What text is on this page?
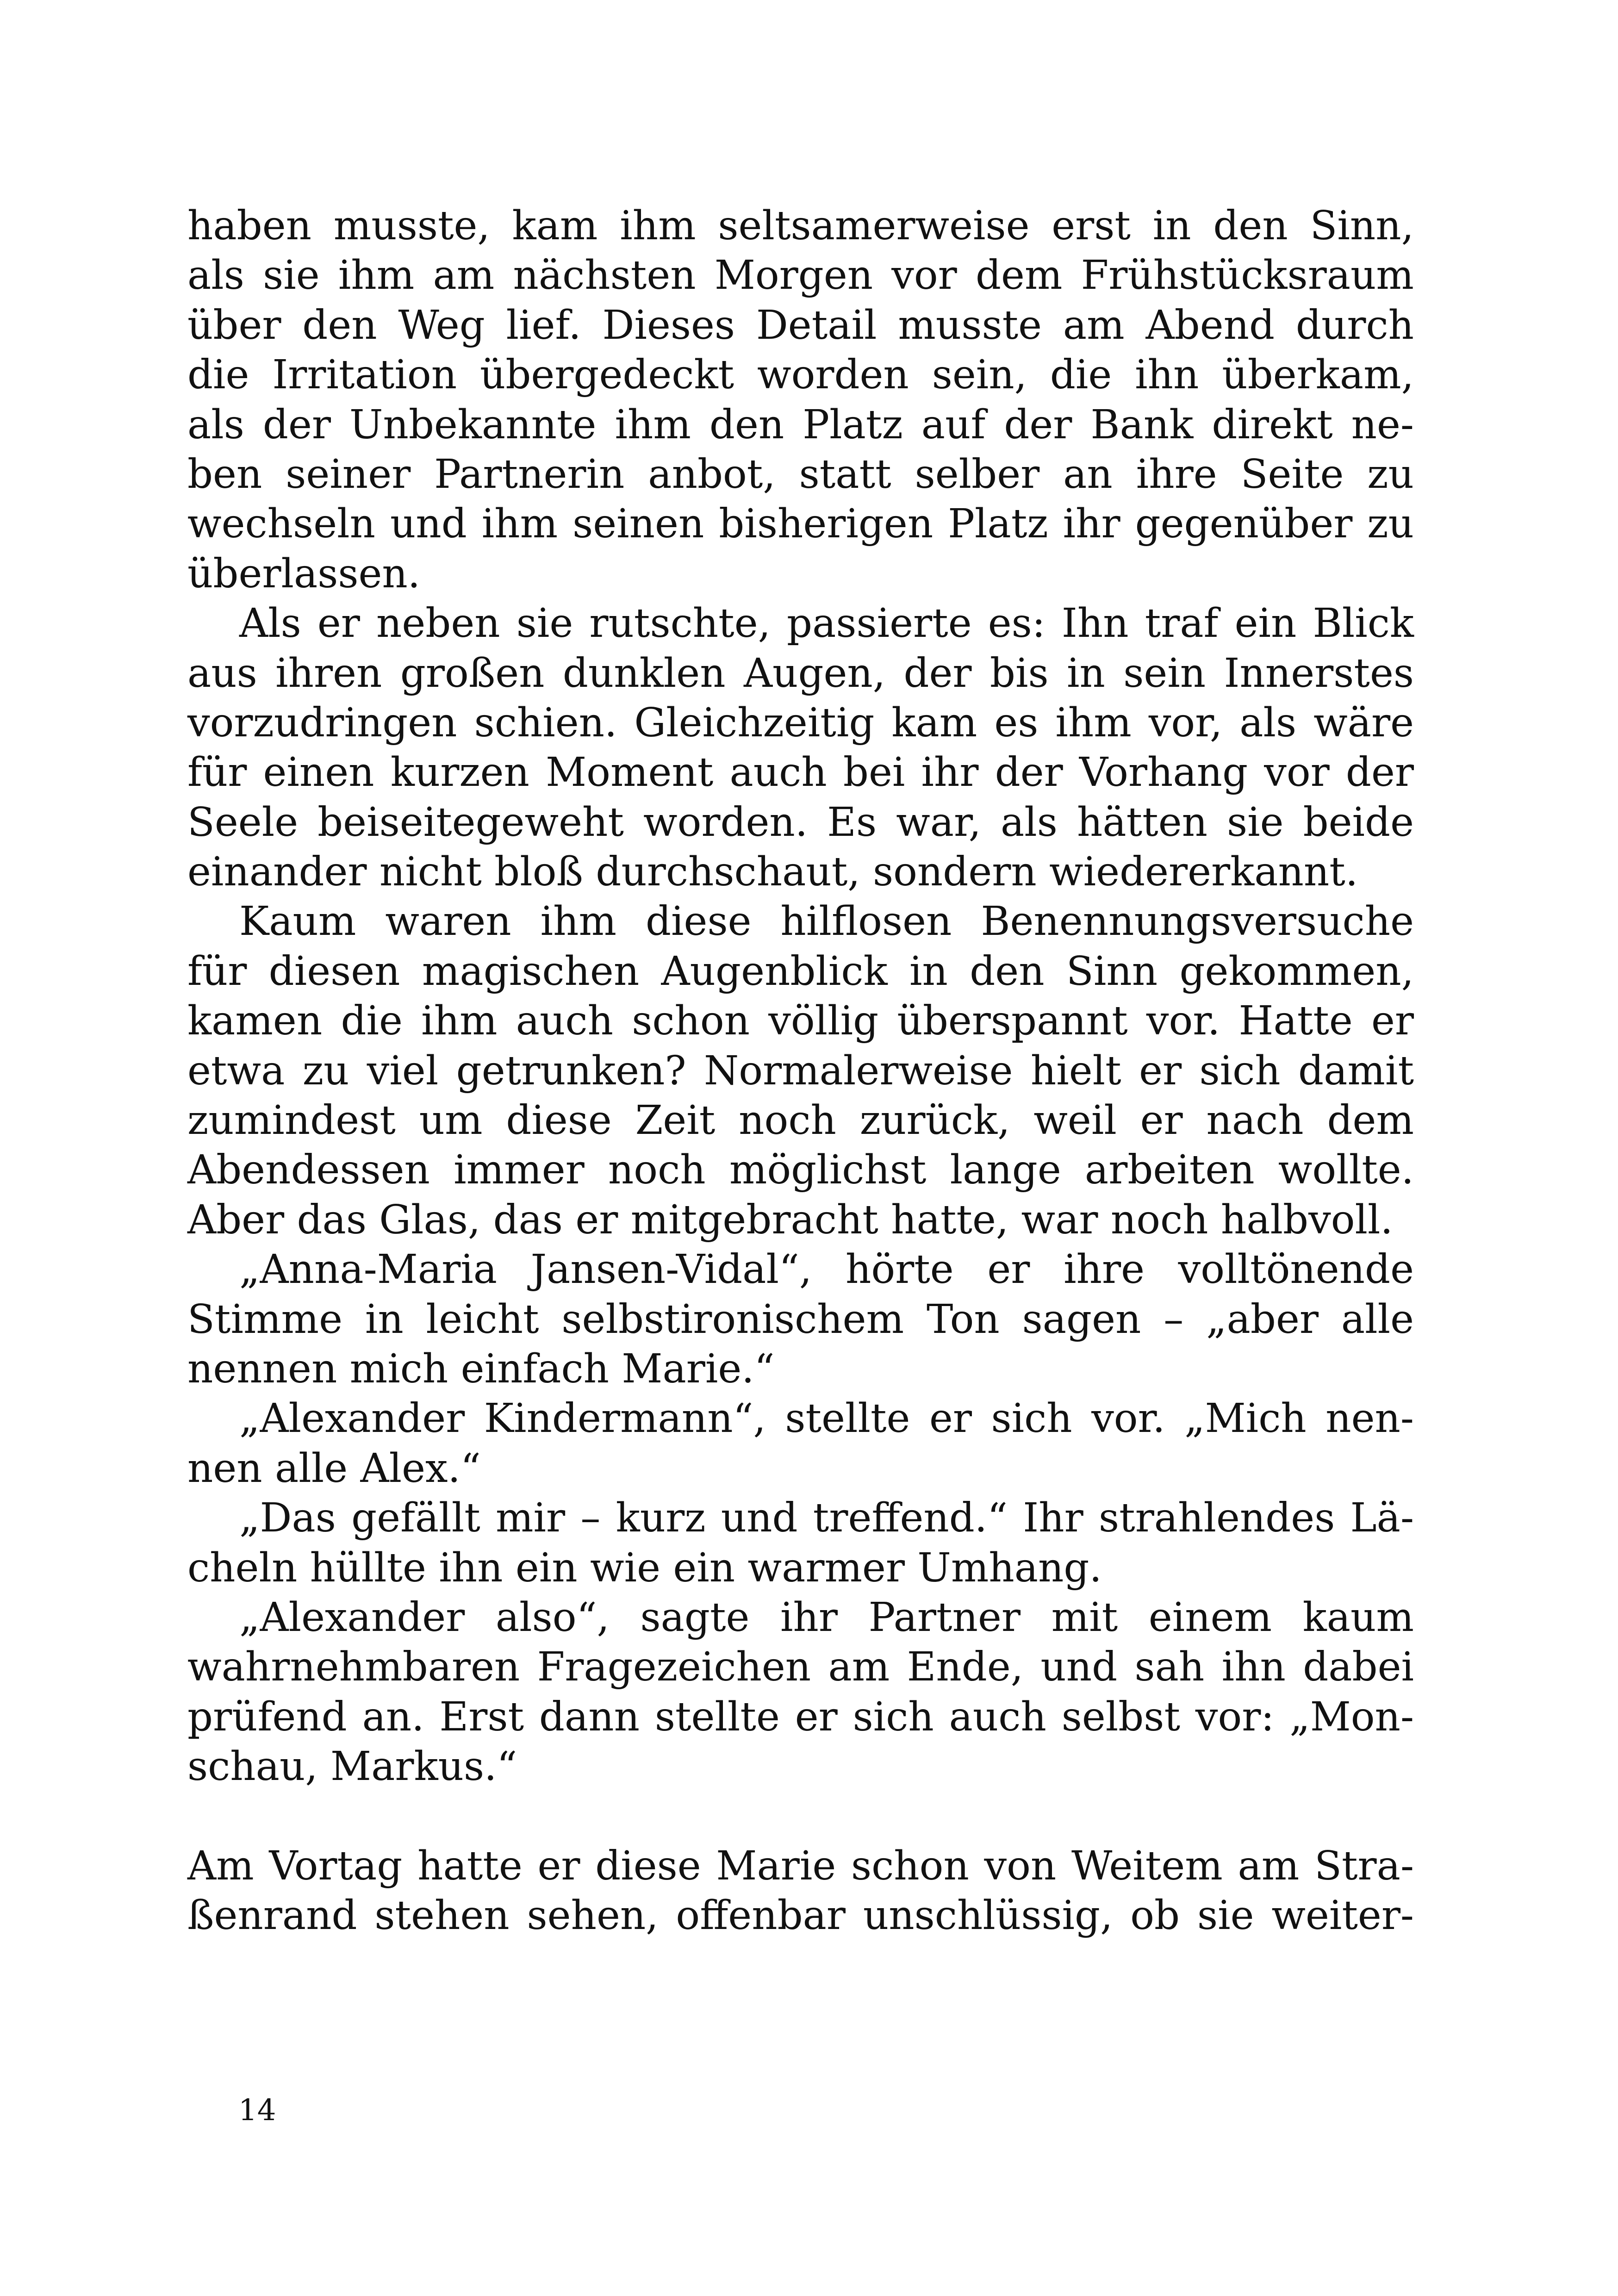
haben musste, kam ihm seltsamerweise erst in den Sinn,
als sie ihm am nächsten Morgen vor dem Frühstücksraum
über den Weg lief. Dieses Detail musste am Abend durch
die Irritation übergedeckt worden sein, die ihn überkam,
als der Unbekannte ihm den Platz auf der Bank direkt ne-
ben seiner Partnerin anbot, statt selber an ihre Seite zu
wechseln und ihm seinen bisherigen Platz ihr gegenüber zu
überlassen.
Als er neben sie rutschte, passierte es: Ihn traf ein Blick
aus ihren großen dunklen Augen, der bis in sein Innerstes
vorzudringen schien. Gleichzeitig kam es ihm vor, als wäre
für einen kurzen Moment auch bei ihr der Vorhang vor der
Seele beiseitegeweht worden. Es war, als hätten sie beide
einander nicht bloß durchschaut, sondern wiedererkannt.
Kaum waren ihm diese hilflosen Benennungsversuche
für diesen magischen Augenblick in den Sinn gekommen,
kamen die ihm auch schon völlig überspannt vor. Hatte er
etwa zu viel getrunken? Normalerweise hielt er sich damit
zumindest um diese Zeit noch zurück, weil er nach dem
Abendessen immer noch möglichst lange arbeiten wollte.
Aber das Glas, das er mitgebracht hatte, war noch halbvoll.
„Anna-Maria Jansen-Vidal“, hörte er ihre volltönende
Stimme in leicht selbstironischem Ton sagen – „aber alle
nennen mich einfach Marie.“
„Alexander Kindermann“, stellte er sich vor. „Mich nen-
nen alle Alex.“
„Das gefällt mir – kurz und treffend.“ Ihr strahlendes Lä-
cheln hüllte ihn ein wie ein warmer Umhang.
„Alexander also“, sagte ihr Partner mit einem kaum
wahrnehmbaren Fragezeichen am Ende, und sah ihn dabei
prüfend an. Erst dann stellte er sich auch selbst vor: „Mon-
schau, Markus.“
Am Vortag hatte er diese Marie schon von Weitem am Stra-
ßenrand stehen sehen, offenbar unschlüssig, ob sie weiter-
14
